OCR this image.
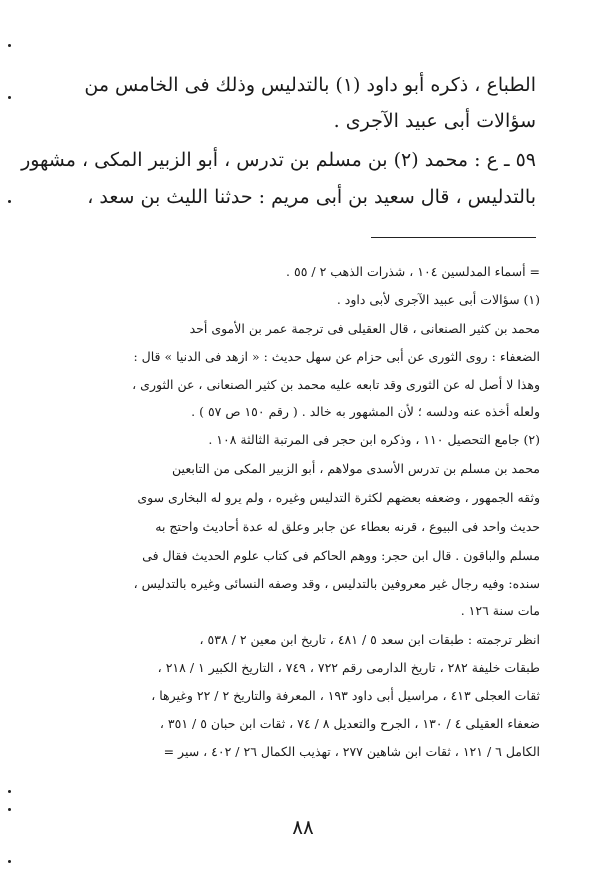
الطباع ، ذكره أبو داود (١) بالتدليس وذلك فى الخامس من
سؤالات أبى عبيد الآجرى .
٥٩ ـ ع : محمد (٢) بن مسلم بن تدرس ، أبو الزبير المكى ، مشهور
بالتدليس ، قال سعيد بن أبى مريم : حدثنا الليث بن سعد ،
= أسماء المدلسين ١٠٤ ، شذرات الذهب ٢ / ٥٥ .
(١) سؤالات أبى عبيد الآجرى لأبى داود .
محمد بن كثير الصنعانى ، قال العقيلى فى ترجمة عمر بن الأموى أحد
الضعفاء : روى الثورى عن أبى حزام عن سهل حديث : « ازهد فى الدنيا » قال :
وهذا لا أصل له عن الثورى وقد تابعه عليه محمد بن كثير الصنعانى ، عن الثورى ،
ولعله أخذه عنه ودلسه ؛ لأن المشهور به خالد . ( رقم ١٥٠ ص ٥٧ ) .
(٢) جامع التحصيل ١١٠ ، وذكره ابن حجر فى المرتبة الثالثة ١٠٨ .
محمد بن مسلم بن تدرس الأسدى مولاهم ، أبو الزبير المكى من التابعين
وثقه الجمهور ، وضعفه بعضهم لكثرة التدليس وغيره ، ولم يرو له البخارى سوى
حديث واحد فى البيوع ، قرنه بعطاء عن جابر وعلق له عدة أحاديث واحتج به
مسلم والباقون . قال ابن حجر: ووهم الحاكم فى كتاب علوم الحديث فقال فى
سنده: وفيه رجال غير معروفين بالتدليس ، وقد وصفه النسائى وغيره بالتدليس ،
مات سنة ١٢٦ .
انظر ترجمته : طبقات ابن سعد ٥ / ٤٨١ ، تاريخ ابن معين ٢ / ٥٣٨ ،
طبقات خليفة ٢٨٢ ، تاريخ الدارمى رقم ٧٢٢ ، ٧٤٩ ، التاريخ الكبير ١ / ٢١٨ ،
ثقات العجلى ٤١٣ ، مراسيل أبى داود ١٩٣ ، المعرفة والتاريخ ٢ / ٢٢ وغيرها ،
ضعفاء العقيلى ٤ / ١٣٠ ، الجرح والتعديل ٨ / ٧٤ ، ثقات ابن حبان ٥ / ٣٥١ ،
الكامل ٦ / ١٢١ ، ثقات ابن شاهين ٢٧٧ ، تهذيب الكمال ٢٦ / ٤٠٢ ، سير =
٨٨
